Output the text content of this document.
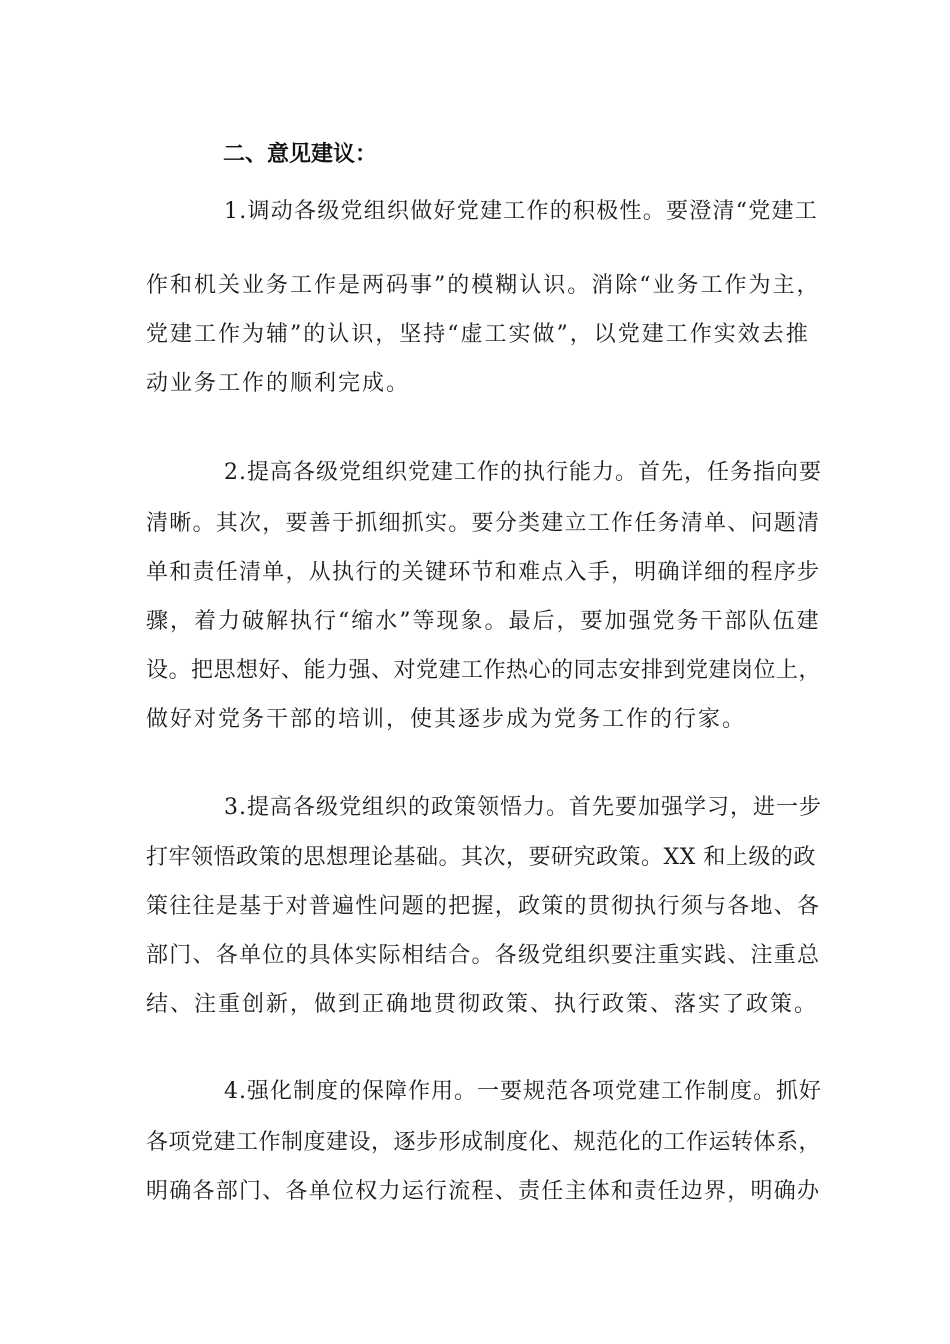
二、意见建议：
1.调动各级党组织做好党建工作的积极性。要澄清“党建工
作和机关业务工作是两码事”的模糊认识。消除“业务工作为主，
党建工作为辅”的认识，坚持“虚工实做”，以党建工作实效去推
动业务工作的顺利完成。
2.提高各级党组织党建工作的执行能力。首先，任务指向要
清晰。其次，要善于抓细抓实。要分类建立工作任务清单、问题清
单和责任清单，从执行的关键环节和难点入手，明确详细的程序步
骤，着力破解执行“缩水”等现象。最后，要加强党务干部队伍建
设。把思想好、能力强、对党建工作热心的同志安排到党建岗位上，
做好对党务干部的培训，使其逐步成为党务工作的行家。
3.提高各级党组织的政策领悟力。首先要加强学习，进一步
打牢领悟政策的思想理论基础。其次，要研究政策。XX 和上级的政
策往往是基于对普遍性问题的把握，政策的贯彻执行须与各地、各
部门、各单位的具体实际相结合。各级党组织要注重实践、注重总
结、注重创新，做到正确地贯彻政策、执行政策、落实了政策。
4.强化制度的保障作用。一要规范各项党建工作制度。抓好
各项党建工作制度建设，逐步形成制度化、规范化的工作运转体系，
明确各部门、各单位权力运行流程、责任主体和责任边界，明确办
